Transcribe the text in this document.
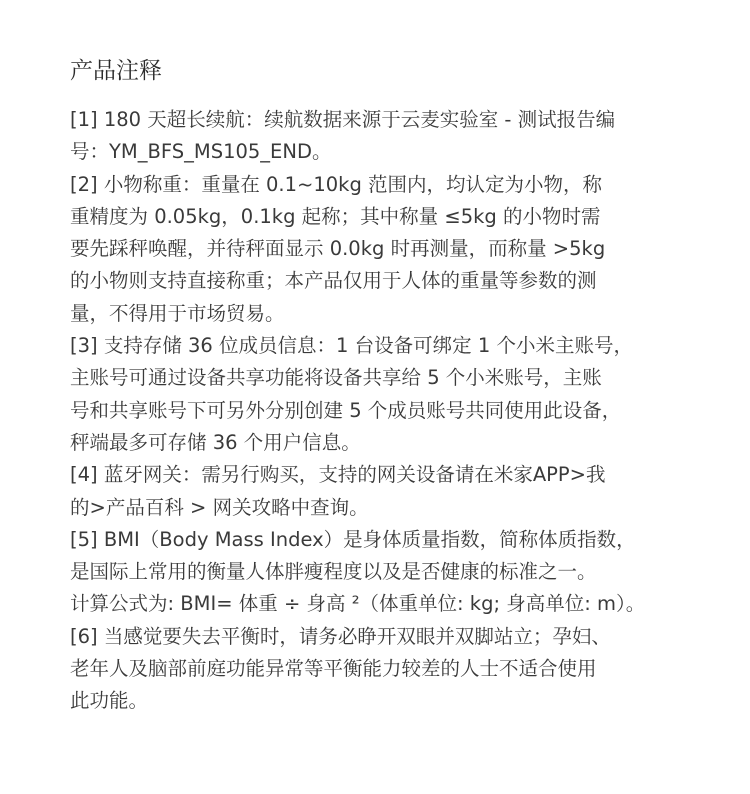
产品注释
[1] 180 天超长续航：续航数据来源于云麦实验室 - 测试报告编
号：YM_BFS_MS105_END。
[2] 小物称重：重量在 0.1~10kg 范围内，均认定为小物，称
重精度为 0.05kg，0.1kg 起称；其中称量 ≤5kg 的小物时需
要先踩秤唤醒，并待秤面显示 0.0kg 时再测量，而称量 >5kg
的小物则支持直接称重；本产品仅用于人体的重量等参数的测
量，不得用于市场贸易。
[3] 支持存储 36 位成员信息：1 台设备可绑定 1 个小米主账号，
主账号可通过设备共享功能将设备共享给 5 个小米账号，主账
号和共享账号下可另外分别创建 5 个成员账号共同使用此设备，
秤端最多可存储 36 个用户信息。
[4] 蓝牙网关：需另行购买，支持的网关设备请在米家APP>我
的>产品百科 > 网关攻略中查询。
[5] BMI（Body Mass Index）是身体质量指数，简称体质指数，
是国际上常用的衡量人体胖瘦程度以及是否健康的标准之一。
计算公式为: BMI= 体重 ÷ 身高 ²（体重单位: kg; 身高单位: m）。
[6] 当感觉要失去平衡时，请务必睁开双眼并双脚站立；孕妇、
老年人及脑部前庭功能异常等平衡能力较差的人士不适合使用
此功能。
